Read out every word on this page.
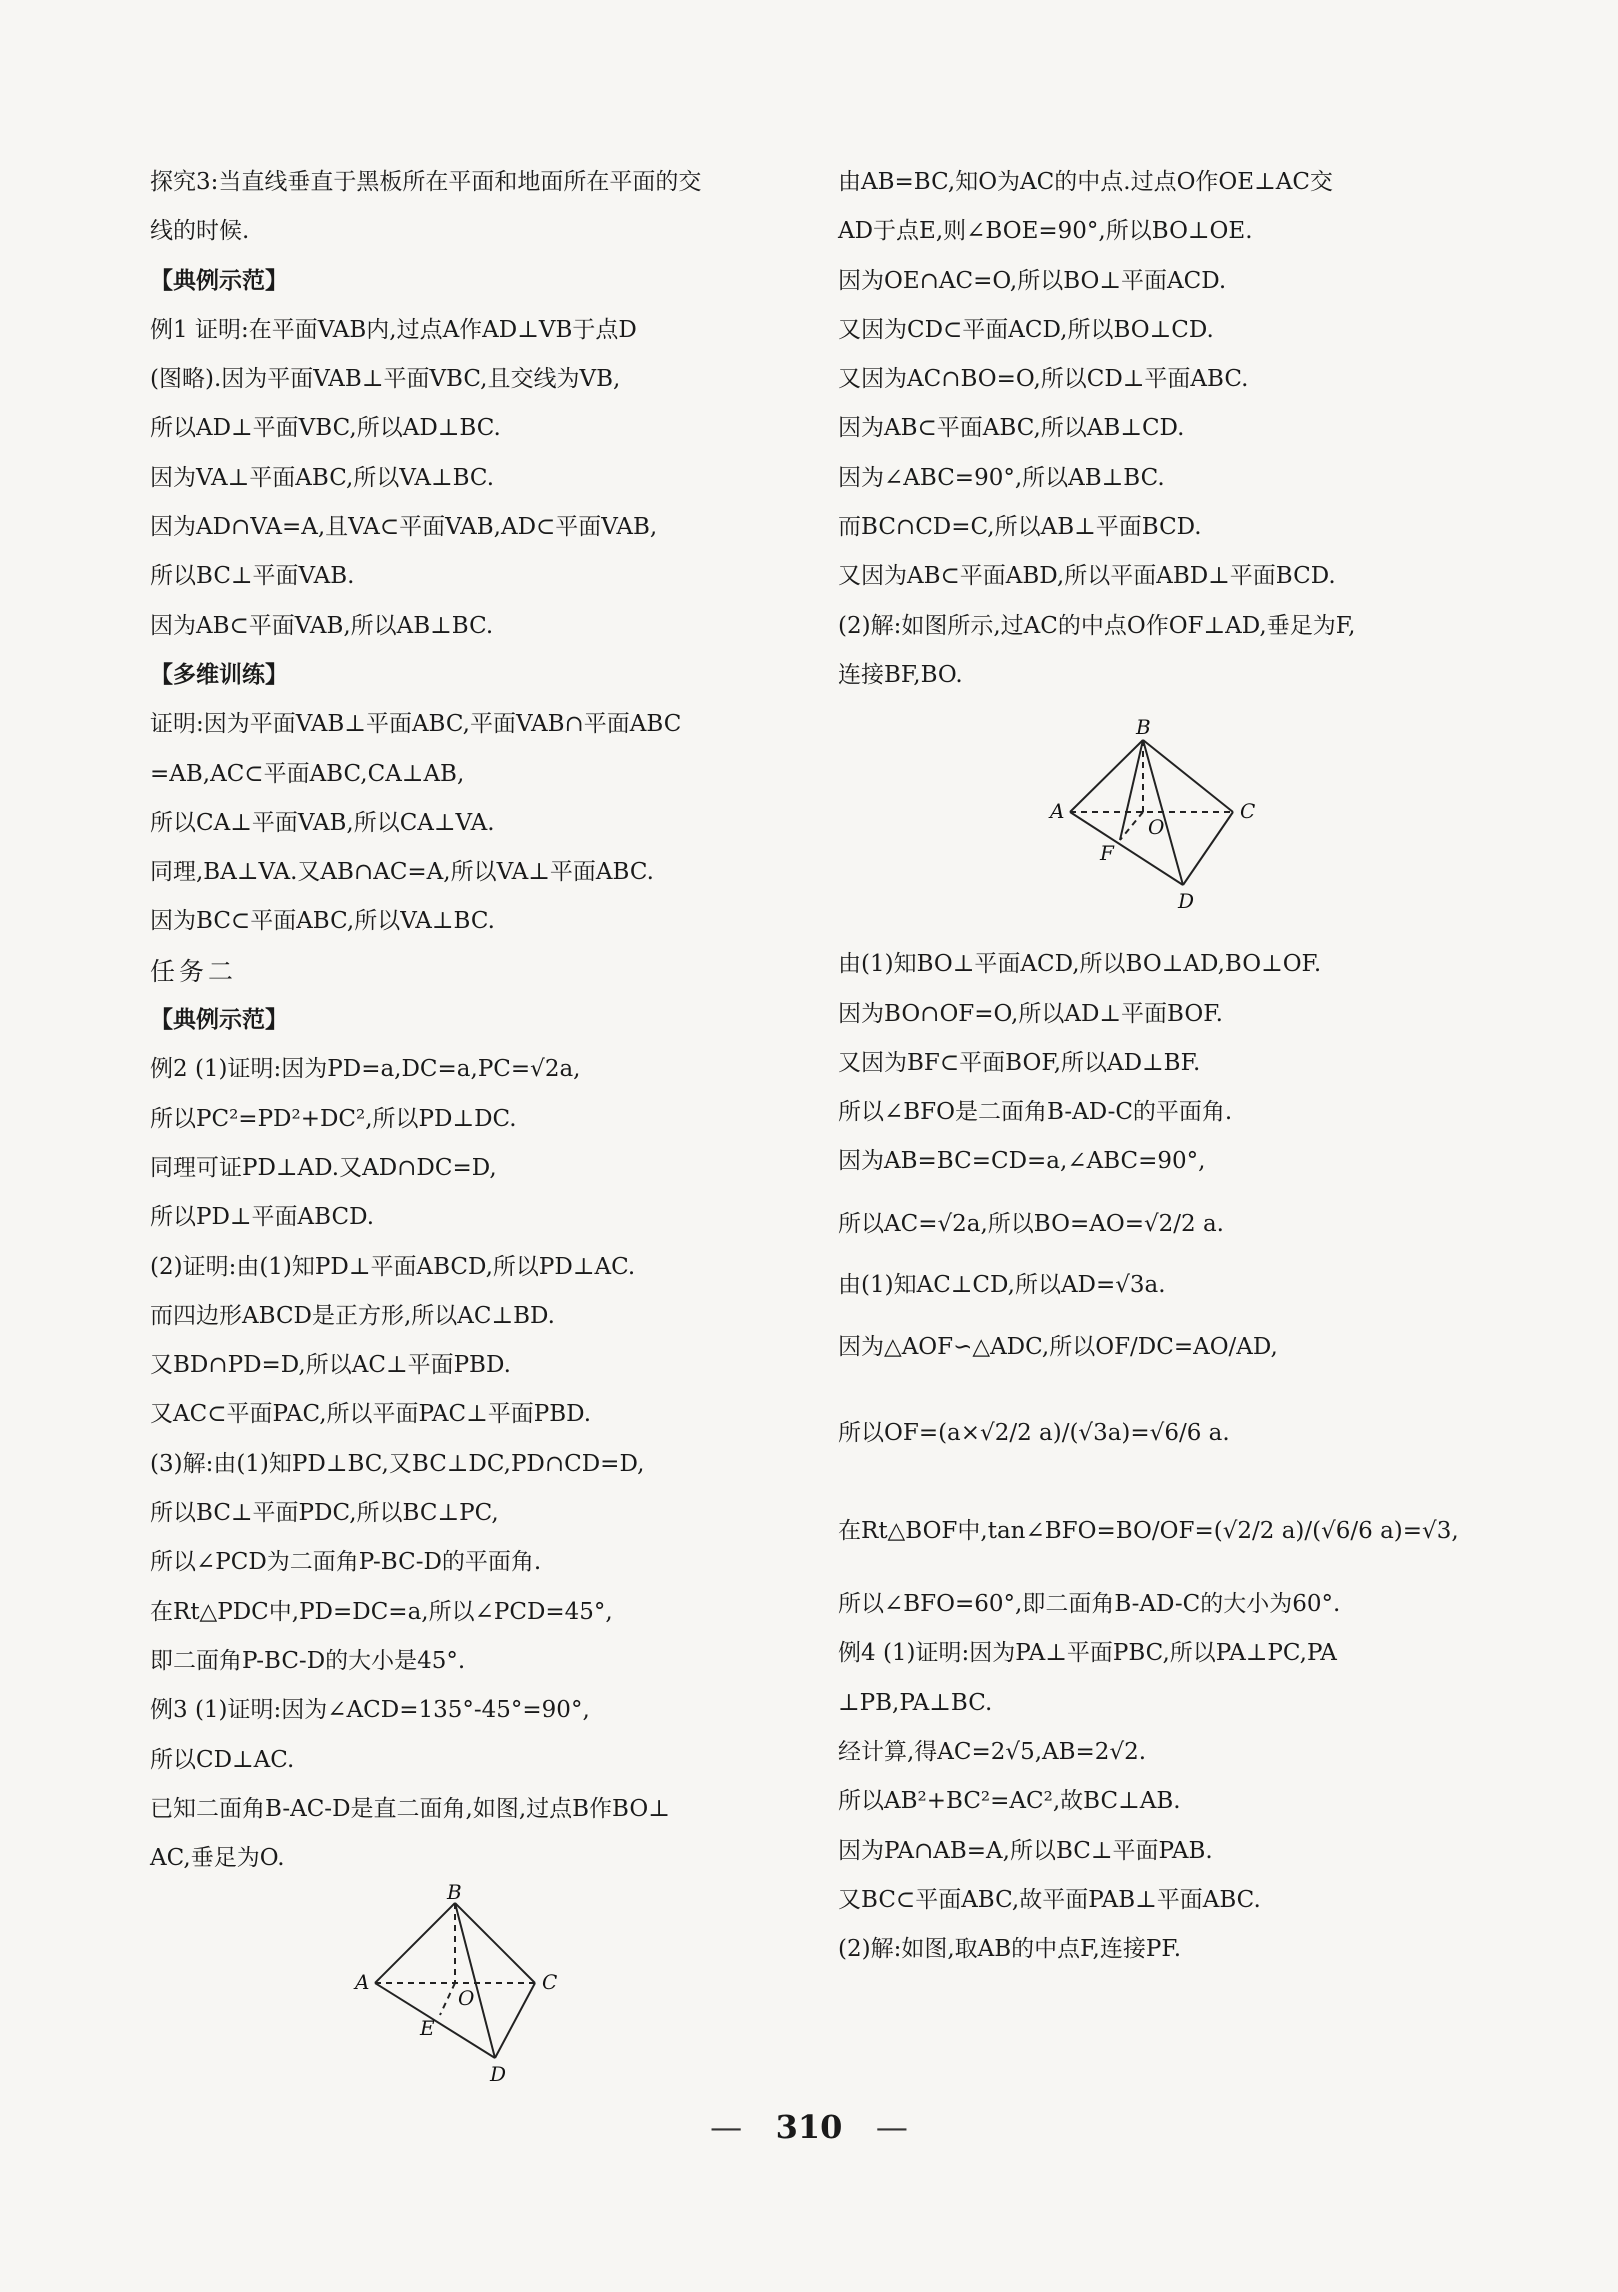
探究3:当直线垂直于黑板所在平面和地面所在平面的交
线的时候.
【典例示范】
例1 证明:在平面VAB内,过点A作AD⊥VB于点D
(图略).因为平面VAB⊥平面VBC,且交线为VB,
所以AD⊥平面VBC,所以AD⊥BC.
因为VA⊥平面ABC,所以VA⊥BC.
因为AD∩VA=A,且VA⊂平面VAB,AD⊂平面VAB,
所以BC⊥平面VAB.
因为AB⊂平面VAB,所以AB⊥BC.
【多维训练】
证明:因为平面VAB⊥平面ABC,平面VAB∩平面ABC
=AB,AC⊂平面ABC,CA⊥AB,
所以CA⊥平面VAB,所以CA⊥VA.
同理,BA⊥VA.又AB∩AC=A,所以VA⊥平面ABC.
因为BC⊂平面ABC,所以VA⊥BC.
任务二
【典例示范】
例2 (1)证明:因为PD=a,DC=a,PC=√2a,
所以PC²=PD²+DC²,所以PD⊥DC.
同理可证PD⊥AD.又AD∩DC=D,
所以PD⊥平面ABCD.
(2)证明:由(1)知PD⊥平面ABCD,所以PD⊥AC.
而四边形ABCD是正方形,所以AC⊥BD.
又BD∩PD=D,所以AC⊥平面PBD.
又AC⊂平面PAC,所以平面PAC⊥平面PBD.
(3)解:由(1)知PD⊥BC,又BC⊥DC,PD∩CD=D,
所以BC⊥平面PDC,所以BC⊥PC,
所以∠PCD为二面角P-BC-D的平面角.
在Rt△PDC中,PD=DC=a,所以∠PCD=45°,
即二面角P-BC-D的大小是45°.
例3 (1)证明:因为∠ACD=135°-45°=90°,
所以CD⊥AC.
已知二面角B-AC-D是直二面角,如图,过点B作BO⊥
AC,垂足为O.
B
A	C
O
E
D
由AB=BC,知O为AC的中点.过点O作OE⊥AC交
AD于点E,则∠BOE=90°,所以BO⊥OE.
因为OE∩AC=O,所以BO⊥平面ACD.
又因为CD⊂平面ACD,所以BO⊥CD.
又因为AC∩BO=O,所以CD⊥平面ABC.
因为AB⊂平面ABC,所以AB⊥CD.
因为∠ABC=90°,所以AB⊥BC.
而BC∩CD=C,所以AB⊥平面BCD.
又因为AB⊂平面ABD,所以平面ABD⊥平面BCD.
(2)解:如图所示,过AC的中点O作OF⊥AD,垂足为F,
连接BF,BO.
B
A	C
O
F
D
由(1)知BO⊥平面ACD,所以BO⊥AD,BO⊥OF.
因为BO∩OF=O,所以AD⊥平面BOF.
又因为BF⊂平面BOF,所以AD⊥BF.
所以∠BFO是二面角B-AD-C的平面角.
因为AB=BC=CD=a,∠ABC=90°,
所以AC=√2a,所以BO=AO=√2/2 a.
由(1)知AC⊥CD,所以AD=√3a.
因为△AOF∽△ADC,所以OF/DC=AO/AD,
所以OF=(a×√2/2 a)/(√3a)=√6/6 a.
在Rt△BOF中,tan∠BFO=BO/OF=(√2/2 a)/(√6/6 a)=√3,
所以∠BFO=60°,即二面角B-AD-C的大小为60°.
例4 (1)证明:因为PA⊥平面PBC,所以PA⊥PC,PA
⊥PB,PA⊥BC.
经计算,得AC=2√5,AB=2√2.
所以AB²+BC²=AC²,故BC⊥AB.
因为PA∩AB=A,所以BC⊥平面PAB.
又BC⊂平面ABC,故平面PAB⊥平面ABC.
(2)解:如图,取AB的中点F,连接PF.
— 310 —
